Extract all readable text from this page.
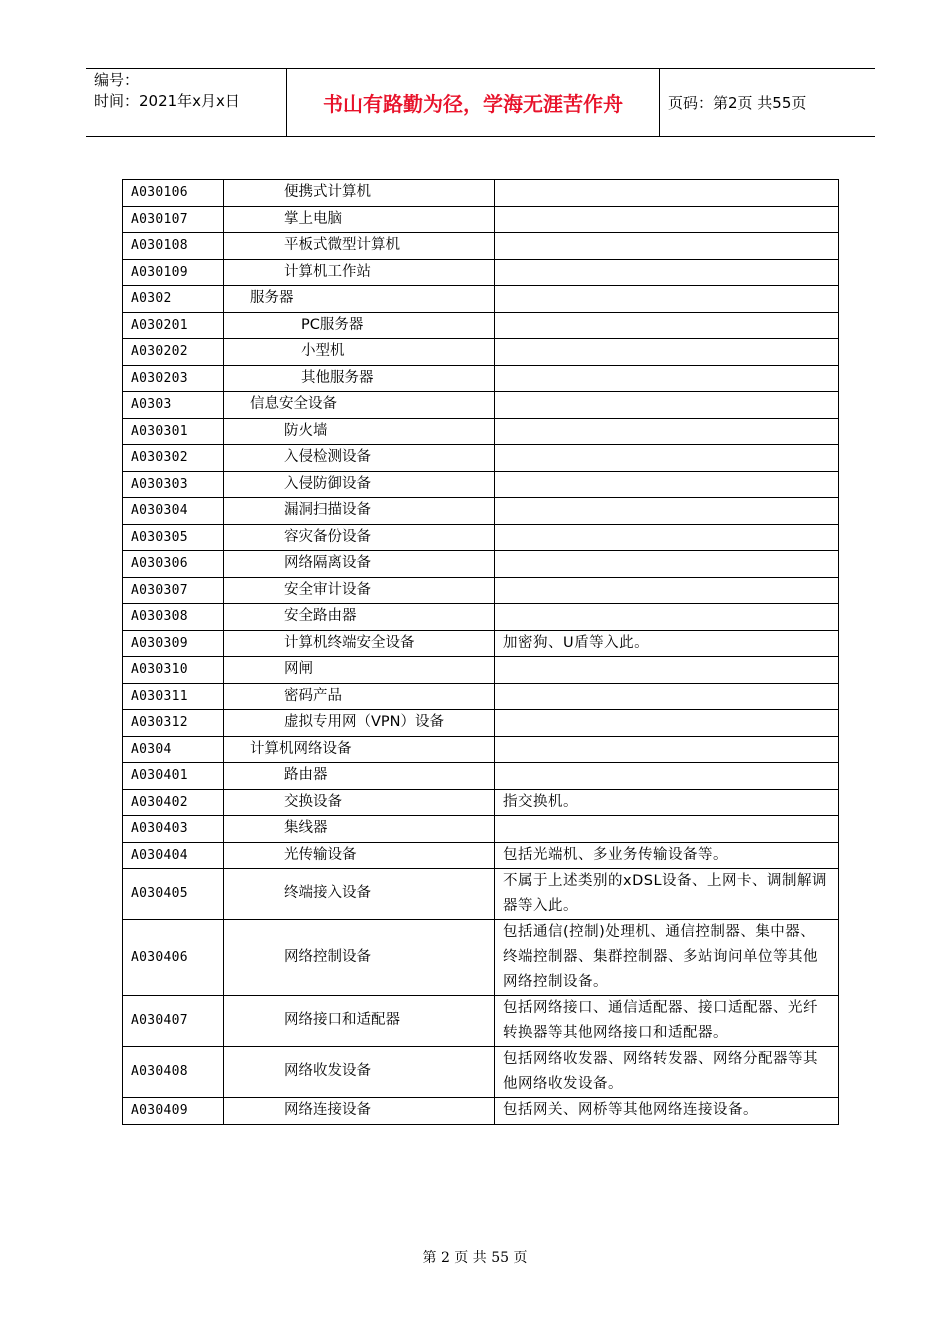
编号：
时间：2021年x月x日	书山有路勤为径，学海无涯苦作舟	页码：第2页 共55页
A030106	便携式计算机	
A030107	掌上电脑	
A030108	平板式微型计算机	
A030109	计算机工作站	
A0302	服务器	
A030201	PC服务器	
A030202	小型机	
A030203	其他服务器	
A0303	信息安全设备	
A030301	防火墙	
A030302	入侵检测设备	
A030303	入侵防御设备	
A030304	漏洞扫描设备	
A030305	容灾备份设备	
A030306	网络隔离设备	
A030307	安全审计设备	
A030308	安全路由器	
A030309	计算机终端安全设备	加密狗、U盾等入此。
A030310	网闸	
A030311	密码产品	
A030312	虚拟专用网（VPN）设备	
A0304	计算机网络设备	
A030401	路由器	
A030402	交换设备	指交换机。
A030403	集线器	
A030404	光传输设备	包括光端机、多业务传输设备等。
A030405	终端接入设备	不属于上述类别的xDSL设备、上网卡、调制解调器等入此。
A030406	网络控制设备	包括通信(控制)处理机、通信控制器、集中器、终端控制器、集群控制器、多站询问单位等其他网络控制设备。
A030407	网络接口和适配器	包括网络接口、通信适配器、接口适配器、光纤转换器等其他网络接口和适配器。
A030408	网络收发设备	包括网络收发器、网络转发器、网络分配器等其他网络收发设备。
A030409	网络连接设备	包括网关、网桥等其他网络连接设备。
第 2 页 共 55 页
